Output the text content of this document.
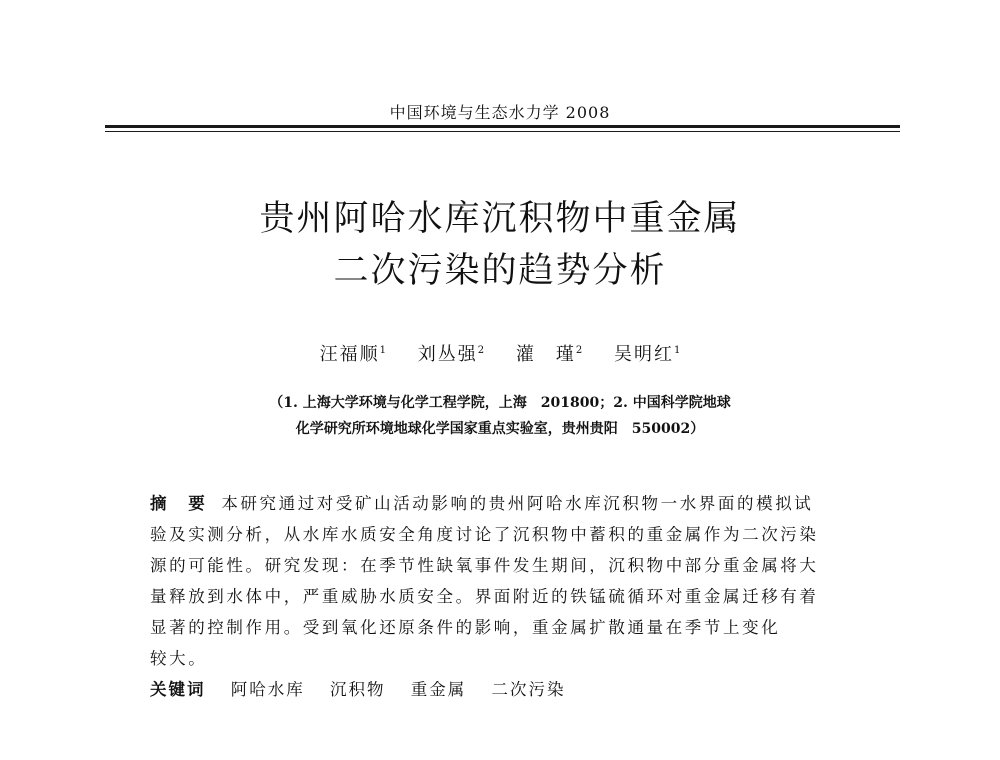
中国环境与生态水力学 2008
贵州阿哈水库沉积物中重金属
二次污染的趋势分析
汪福顺$^1$ 刘丛强$^2$ 灌　瑾$^2$ 吴明红$^1$
（1. 上海大学环境与化学工程学院，上海　201800；2. 中国科学院地球
化学研究所环境地球化学国家重点实验室，贵州贵阳　550002）

摘　要 本研究通过对受矿山活动影响的贵州阿哈水库沉积物一水界面的模拟试
验及实测分析，从水库水质安全角度讨论了沉积物中蓄积的重金属作为二次污染
源的可能性。研究发现：在季节性缺氧事件发生期间，沉积物中部分重金属将大
量释放到水体中，严重威胁水质安全。界面附近的铁锰硫循环对重金属迁移有着
显著的控制作用。受到氧化还原条件的影响，重金属扩散通量在季节上变化
较大。

关键词 阿哈水库 沉积物 重金属 二次污染
